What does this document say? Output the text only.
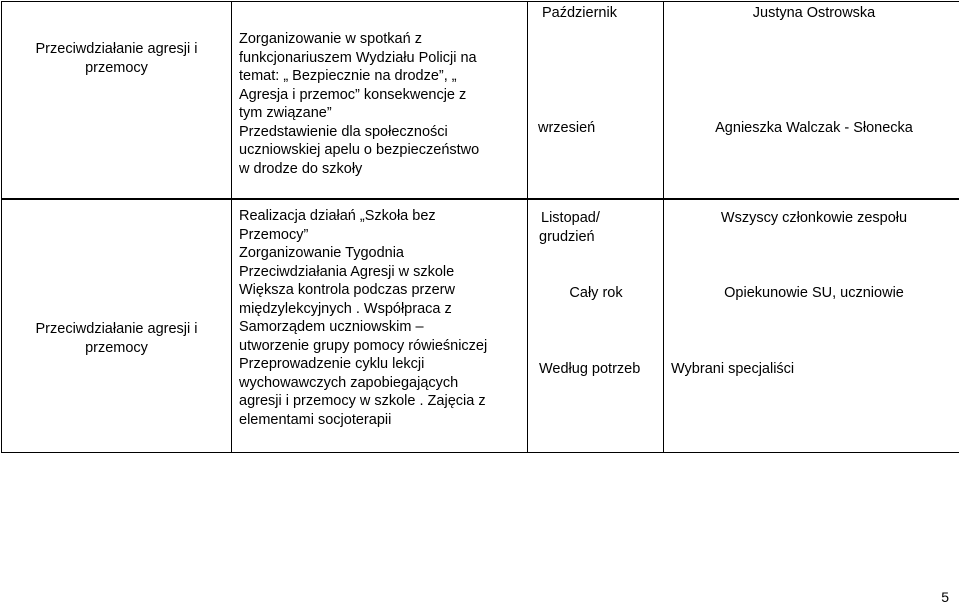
Przeciwdziałanie agresji i przemocy
Zorganizowanie w spotkań z
funkcjonariuszem Wydziału Policji na
temat: „ Bezpiecznie na drodze”, „
Agresja i przemoc” konsekwencje z
tym związane”
Przedstawienie dla społeczności
uczniowskiej apelu o bezpieczeństwo
w drodze do szkoły
Październik
wrzesień
Justyna Ostrowska
Agnieszka Walczak - Słonecka
Przeciwdziałanie agresji i przemocy
Realizacja działań „Szkoła bez
Przemocy”
Zorganizowanie Tygodnia
Przeciwdziałania Agresji w szkole
Większa kontrola podczas przerw
międzylekcyjnych . Współpraca z
Samorządem uczniowskim –
utworzenie grupy pomocy rówieśniczej
Przeprowadzenie cyklu lekcji
wychowawczych zapobiegających
agresji i przemocy w szkole . Zajęcia z
elementami socjoterapii
Listopad/
grudzień
Cały rok
Według potrzeb
Wszyscy członkowie zespołu
Opiekunowie SU, uczniowie
Wybrani specjaliści
5
